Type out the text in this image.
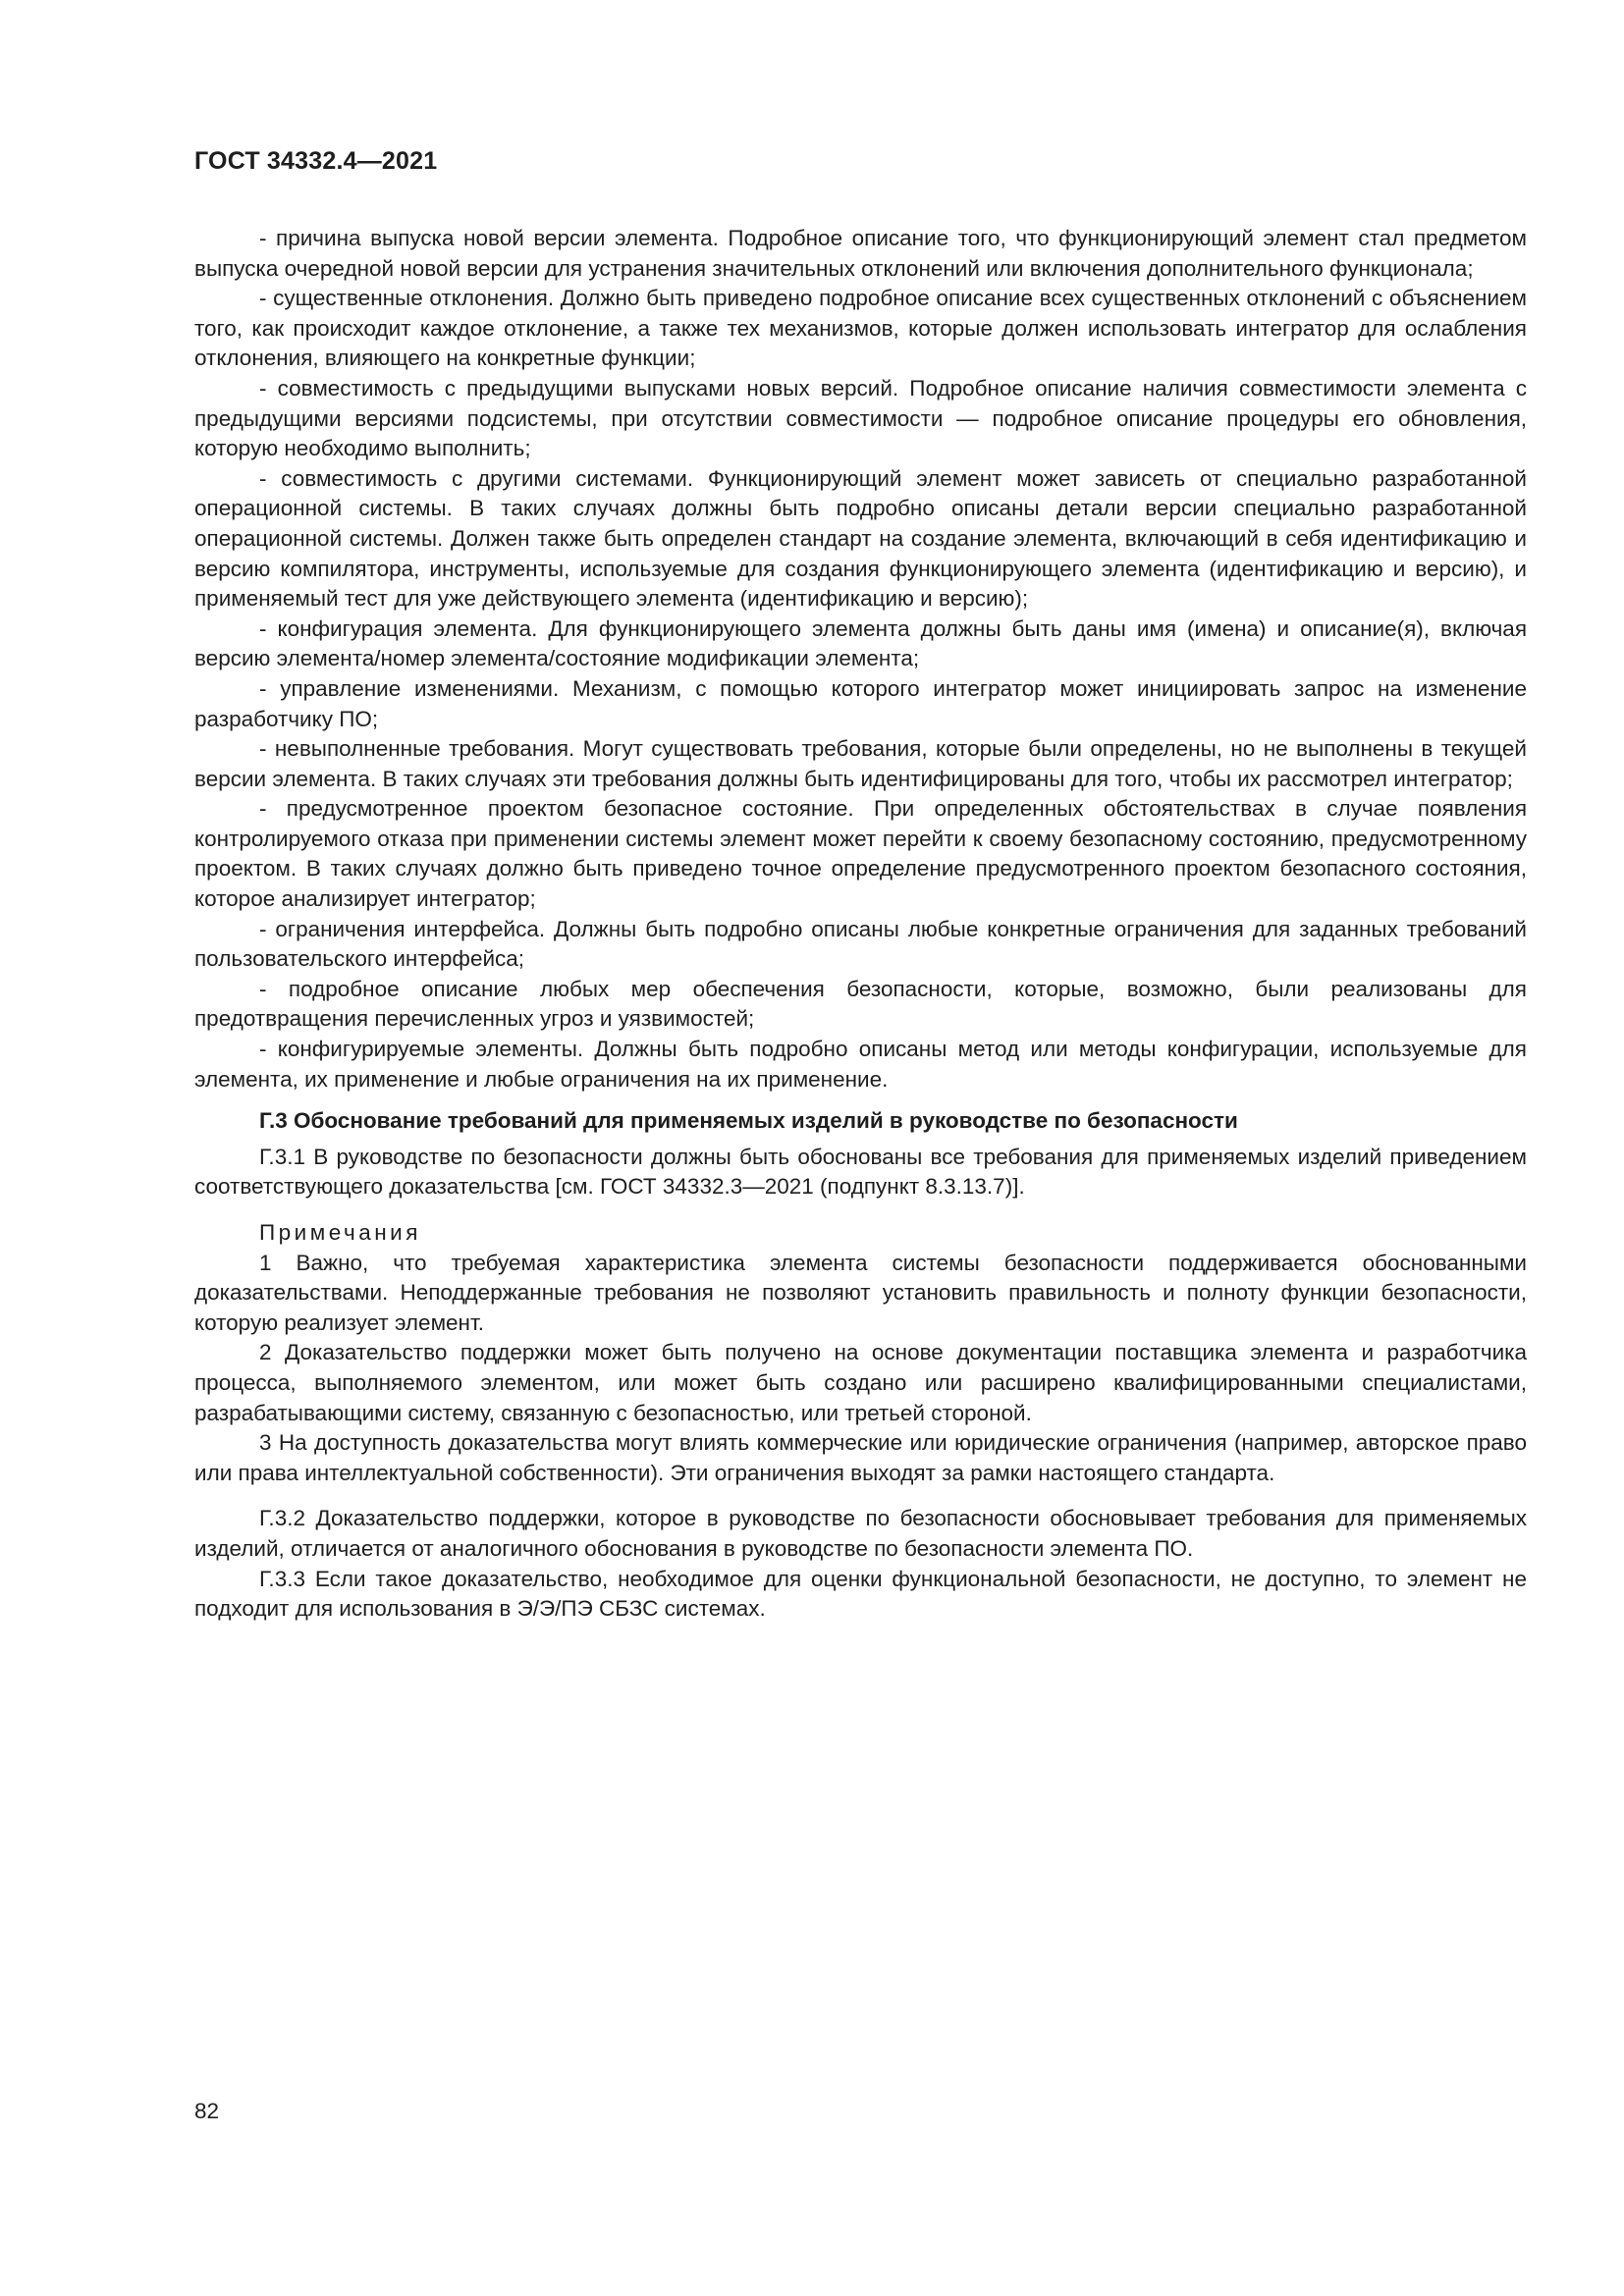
ГОСТ 34332.4—2021

- причина выпуска новой версии элемента. Подробное описание того, что функционирующий элемент стал предметом выпуска очередной новой версии для устранения значительных отклонений или включения дополнительного функционала;

- существенные отклонения. Должно быть приведено подробное описание всех существенных отклонений с объяснением того, как происходит каждое отклонение, а также тех механизмов, которые должен использовать интегратор для ослабления отклонения, влияющего на конкретные функции;

- совместимость с предыдущими выпусками новых версий. Подробное описание наличия совместимости элемента с предыдущими версиями подсистемы, при отсутствии совместимости — подробное описание процедуры его обновления, которую необходимо выполнить;

- совместимость с другими системами. Функционирующий элемент может зависеть от специально разработанной операционной системы. В таких случаях должны быть подробно описаны детали версии специально разработанной операционной системы. Должен также быть определен стандарт на создание элемента, включающий в себя идентификацию и версию компилятора, инструменты, используемые для создания функционирующего элемента (идентификацию и версию), и применяемый тест для уже действующего элемента (идентификацию и версию);

- конфигурация элемента. Для функционирующего элемента должны быть даны имя (имена) и описание(я), включая версию элемента/номер элемента/состояние модификации элемента;

- управление изменениями. Механизм, с помощью которого интегратор может инициировать запрос на изменение разработчику ПО;

- невыполненные требования. Могут существовать требования, которые были определены, но не выполнены в текущей версии элемента. В таких случаях эти требования должны быть идентифицированы для того, чтобы их рассмотрел интегратор;

- предусмотренное проектом безопасное состояние. При определенных обстоятельствах в случае появления контролируемого отказа при применении системы элемент может перейти к своему безопасному состоянию, предусмотренному проектом. В таких случаях должно быть приведено точное определение предусмотренного проектом безопасного состояния, которое анализирует интегратор;

- ограничения интерфейса. Должны быть подробно описаны любые конкретные ограничения для заданных требований пользовательского интерфейса;

- подробное описание любых мер обеспечения безопасности, которые, возможно, были реализованы для предотвращения перечисленных угроз и уязвимостей;

- конфигурируемые элементы. Должны быть подробно описаны метод или методы конфигурации, используемые для элемента, их применение и любые ограничения на их применение.

Г.3 Обоснование требований для применяемых изделий в руководстве по безопасности

Г.3.1 В руководстве по безопасности должны быть обоснованы все требования для применяемых изделий приведением соответствующего доказательства [см. ГОСТ 34332.3—2021 (подпункт 8.3.13.7)].

Примечания

1 Важно, что требуемая характеристика элемента системы безопасности поддерживается обоснованными доказательствами. Неподдержанные требования не позволяют установить правильность и полноту функции безопасности, которую реализует элемент.

2 Доказательство поддержки может быть получено на основе документации поставщика элемента и разработчика процесса, выполняемого элементом, или может быть создано или расширено квалифицированными специалистами, разрабатывающими систему, связанную с безопасностью, или третьей стороной.

3 На доступность доказательства могут влиять коммерческие или юридические ограничения (например, авторское право или права интеллектуальной собственности). Эти ограничения выходят за рамки настоящего стандарта.

Г.3.2 Доказательство поддержки, которое в руководстве по безопасности обосновывает требования для применяемых изделий, отличается от аналогичного обоснования в руководстве по безопасности элемента ПО.

Г.3.3 Если такое доказательство, необходимое для оценки функциональной безопасности, не доступно, то элемент не подходит для использования в Э/Э/ПЭ СБЗС системах.

82
